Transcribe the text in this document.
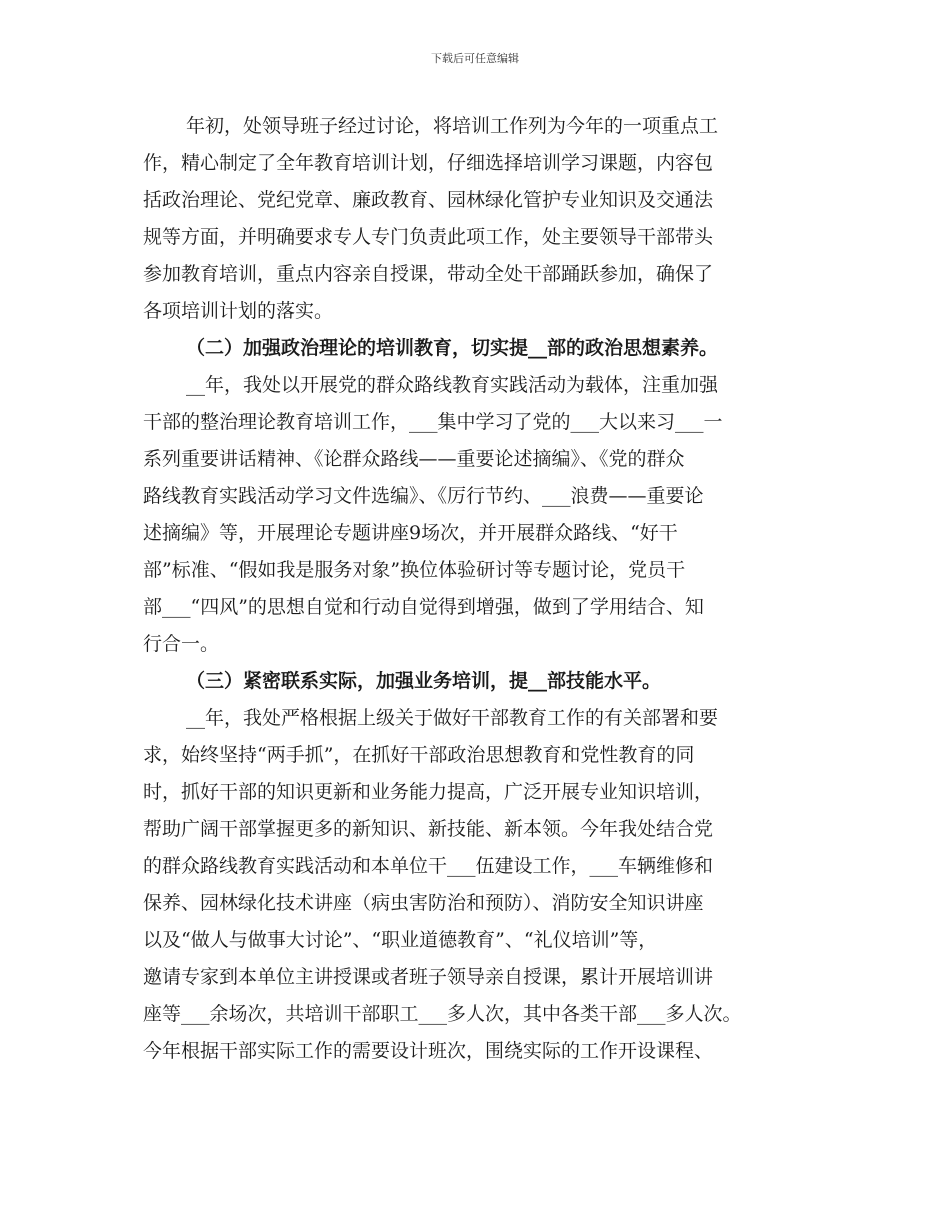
下载后可任意编辑
年初，处领导班子经过讨论，将培训工作列为今年的一项重点工
作，精心制定了全年教育培训计划，仔细选择培训学习课题，内容包
括政治理论、党纪党章、廉政教育、园林绿化管护专业知识及交通法
规等方面，并明确要求专人专门负责此项工作，处主要领导干部带头
参加教育培训，重点内容亲自授课，带动全处干部踊跃参加，确保了
各项培训计划的落实。
（二）加强政治理论的培训教育，切实提__部的政治思想素养。
__年，我处以开展党的群众路线教育实践活动为载体，注重加强
干部的整治理论教育培训工作，___集中学习了党的___大以来习___一
系列重要讲话精神、《论群众路线——重要论述摘编》、《党的群众
路线教育实践活动学习文件选编》、《厉行节约、___浪费——重要论
述摘编》等，开展理论专题讲座9场次，并开展群众路线、“好干
部”标准、“假如我是服务对象”换位体验研讨等专题讨论，党员干
部___“四风”的思想自觉和行动自觉得到增强，做到了学用结合、知
行合一。
（三）紧密联系实际，加强业务培训，提__部技能水平。
__年，我处严格根据上级关于做好干部教育工作的有关部署和要
求，始终坚持“两手抓”，在抓好干部政治思想教育和党性教育的同
时，抓好干部的知识更新和业务能力提高，广泛开展专业知识培训，
帮助广阔干部掌握更多的新知识、新技能、新本领。今年我处结合党
的群众路线教育实践活动和本单位干___伍建设工作，___车辆维修和
保养、园林绿化技术讲座（病虫害防治和预防）、消防安全知识讲座
以及“做人与做事大讨论”、“职业道德教育”、“礼仪培训”等，
邀请专家到本单位主讲授课或者班子领导亲自授课，累计开展培训讲
座等___余场次，共培训干部职工___多人次，其中各类干部___多人次。
今年根据干部实际工作的需要设计班次，围绕实际的工作开设课程、
